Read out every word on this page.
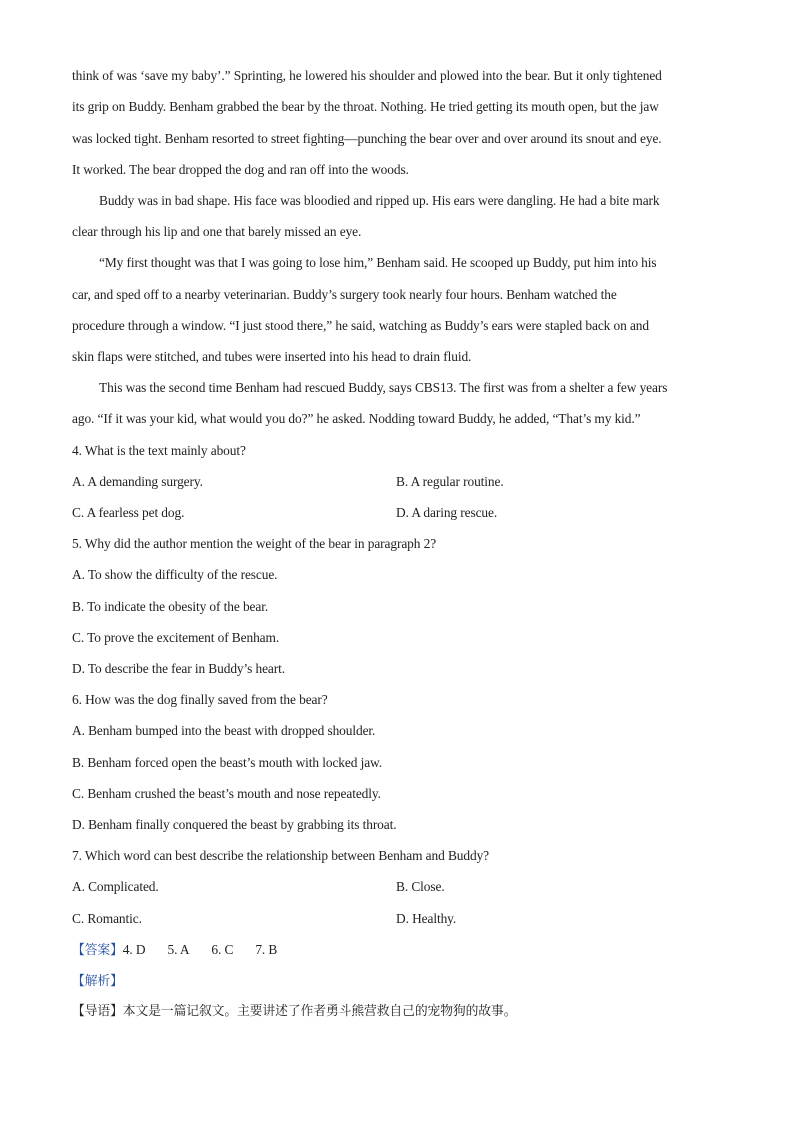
think of was ‘save my baby’.” Sprinting, he lowered his shoulder and plowed into the bear. But it only tightened
its grip on Buddy. Benham grabbed the bear by the throat. Nothing. He tried getting its mouth open, but the jaw
was locked tight. Benham resorted to street fighting—punching the bear over and over around its snout and eye.
It worked. The bear dropped the dog and ran off into the woods.
Buddy was in bad shape. His face was bloodied and ripped up. His ears were dangling. He had a bite mark
clear through his lip and one that barely missed an eye.
“My first thought was that I was going to lose him,” Benham said. He scooped up Buddy, put him into his
car, and sped off to a nearby veterinarian. Buddy’s surgery took nearly four hours. Benham watched the
procedure through a window. “I just stood there,” he said, watching as Buddy’s ears were stapled back on and
skin flaps were stitched, and tubes were inserted into his head to drain fluid.
This was the second time Benham had rescued Buddy, says CBS13. The first was from a shelter a few years
ago. “If it was your kid, what would you do?” he asked. Nodding toward Buddy, he added, “That’s my kid.”
4. What is the text mainly about?
A. A demanding surgery.	B. A regular routine.
C. A fearless pet dog.	D. A daring rescue.
5. Why did the author mention the weight of the bear in paragraph 2?
A. To show the difficulty of the rescue.
B. To indicate the obesity of the bear.
C. To prove the excitement of Benham.
D. To describe the fear in Buddy’s heart.
6. How was the dog finally saved from the bear?
A. Benham bumped into the beast with dropped shoulder.
B. Benham forced open the beast’s mouth with locked jaw.
C. Benham crushed the beast’s mouth and nose repeatedly.
D. Benham finally conquered the beast by grabbing its throat.
7. Which word can best describe the relationship between Benham and Buddy?
A. Complicated.	B. Close.
C. Romantic.	D. Healthy.
【答案】4. D 5. A 6. C 7. B
【解析】
【导语】本文是一篇记叙文。主要讲述了作者勇斗熊营救自己的宠物狗的故事。
